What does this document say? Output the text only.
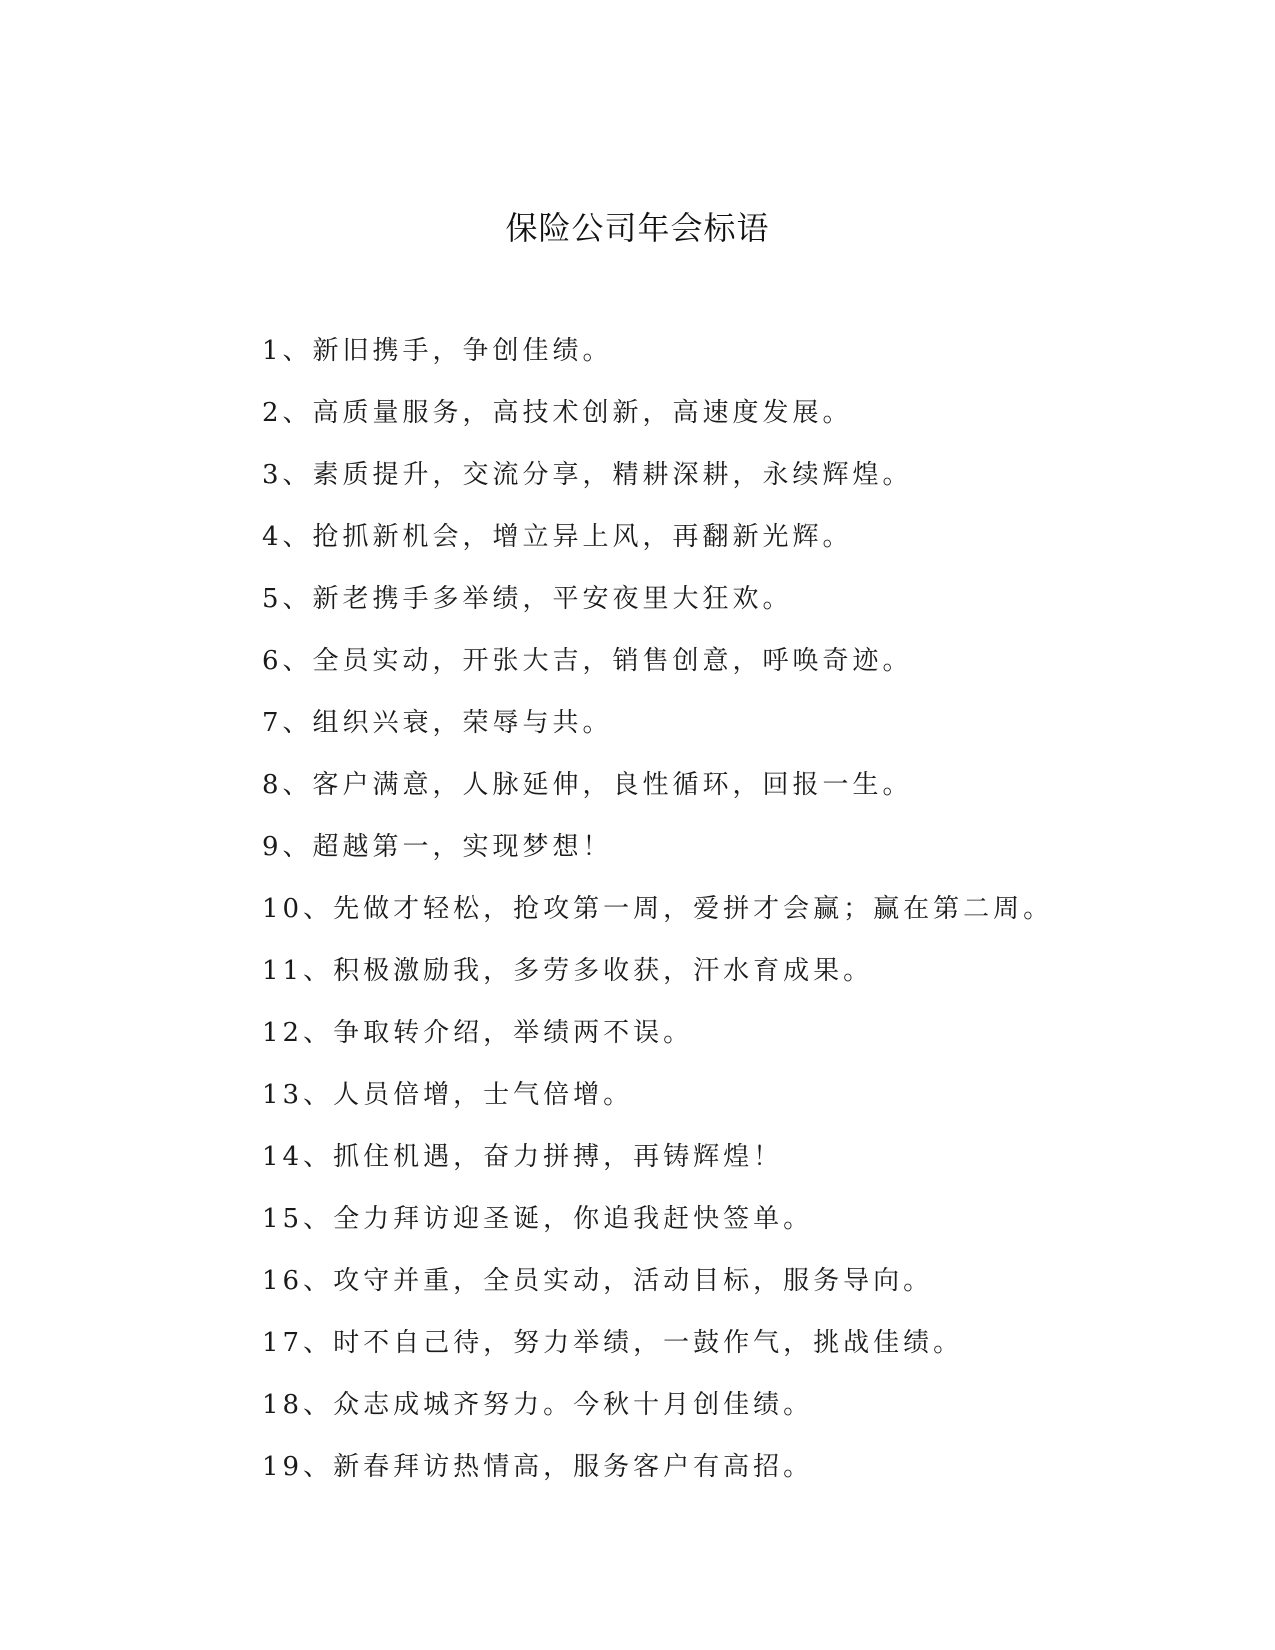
保险公司年会标语
1、新旧携手，争创佳绩。
2、高质量服务，高技术创新，高速度发展。
3、素质提升，交流分享，精耕深耕，永续辉煌。
4、抢抓新机会，增立异上风，再翻新光辉。
5、新老携手多举绩，平安夜里大狂欢。
6、全员实动，开张大吉，销售创意，呼唤奇迹。
7、组织兴衰，荣辱与共。
8、客户满意，人脉延伸，良性循环，回报一生。
9、超越第一，实现梦想！
10、先做才轻松，抢攻第一周，爱拼才会赢；赢在第二周。
11、积极激励我，多劳多收获，汗水育成果。
12、争取转介绍，举绩两不误。
13、人员倍增，士气倍增。
14、抓住机遇，奋力拼搏，再铸辉煌！
15、全力拜访迎圣诞，你追我赶快签单。
16、攻守并重，全员实动，活动目标，服务导向。
17、时不自己待，努力举绩，一鼓作气，挑战佳绩。
18、众志成城齐努力。今秋十月创佳绩。
19、新春拜访热情高，服务客户有高招。
